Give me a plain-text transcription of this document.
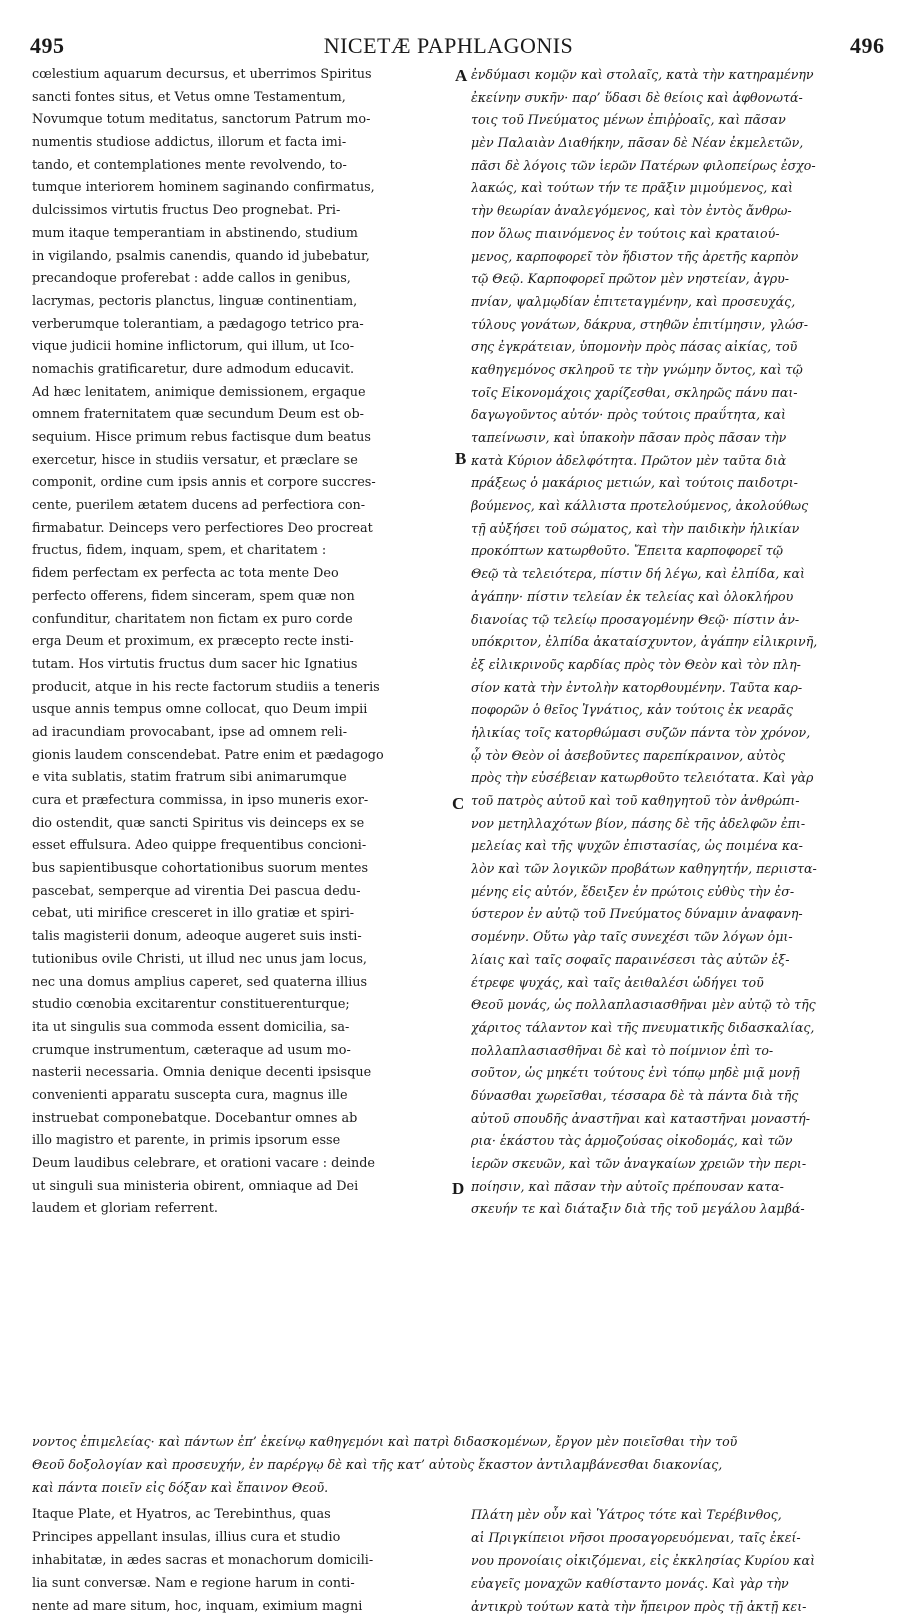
495	NICETÆ PAPHLAGONIS	496
A
B
C
D
cœlestium aquarum decursus, et uberrimos Spiritus
sancti fontes situs, et Vetus omne Testamentum,
Novumque totum meditatus, sanctorum Patrum mo-
numentis studiose addictus, illorum et facta imi-
tando, et contemplationes mente revolvendo, to-
tumque interiorem hominem saginando confirmatus,
dulcissimos virtutis fructus Deo prognebat. Pri-
mum itaque temperantiam in abstinendo, studium
in vigilando, psalmis canendis, quando id jubebatur,
precandoque proferebat : adde callos in genibus,
lacrymas, pectoris planctus, linguæ continentiam,
verberumque tolerantiam, a pædagogo tetrico pra-
vique judicii homine inflictorum, qui illum, ut Ico-
nomachis gratificaretur, dure admodum educavit.
Ad hæc lenitatem, animique demissionem, ergaque
omnem fraternitatem quæ secundum Deum est ob-
sequium. Hisce primum rebus factisque dum beatus
exercetur, hisce in studiis versatur, et præclare se
componit, ordine cum ipsis annis et corpore succres-
cente, puerilem ætatem ducens ad perfectiora con-
firmabatur. Deinceps vero perfectiores Deo procreat
fructus, fidem, inquam, spem, et charitatem :
fidem perfectam ex perfecta ac tota mente Deo
perfecto offerens, fidem sinceram, spem quæ non
confunditur, charitatem non fictam ex puro corde
erga Deum et proximum, ex præcepto recte insti-
tutam. Hos virtutis fructus dum sacer hic Ignatius
producit, atque in his recte factorum studiis a teneris
usque annis tempus omne collocat, quo Deum impii
ad iracundiam provocabant, ipse ad omnem reli-
gionis laudem conscendebat. Patre enim et pædagogo
e vita sublatis, statim fratrum sibi animarumque
cura et præfectura commissa, in ipso muneris exor-
dio ostendit, quæ sancti Spiritus vis deinceps ex se
esset effulsura. Adeo quippe frequentibus concioni-
bus sapientibusque cohortationibus suorum mentes
pascebat, semperque ad virentia Dei pascua dedu-
cebat, uti mirifice cresceret in illo gratiæ et spiri-
talis magisterii donum, adeoque augeret suis insti-
tutionibus ovile Christi, ut illud nec unus jam locus,
nec una domus amplius caperet, sed quaterna illius
studio cœnobia excitarentur constituerenturque;
ita ut singulis sua commoda essent domicilia, sa-
crumque instrumentum, cæteraque ad usum mo-
nasterii necessaria. Omnia denique decenti ipsisque
convenienti apparatu suscepta cura, magnus ille
instruebat componebatque. Docebantur omnes ab
illo magistro et parente, in primis ipsorum esse
Deum laudibus celebrare, et orationi vacare : deinde
ut singuli sua ministeria obirent, omniaque ad Dei
laudem et gloriam referrent.
ἐνδύμασι κομῷν καὶ στολαῖς, κατὰ τὴν κατηραμένην
ἐκείνην συκῆν· παρ’ ὕδασι δὲ θείοις καὶ ἀφθονωτά-
τοις τοῦ Πνεύματος μένων ἐπιῤῥοαῖς, καὶ πᾶσαν
μὲν Παλαιὰν Διαθήκην, πᾶσαν δὲ Νέαν ἐκμελετῶν,
πᾶσι δὲ λόγοις τῶν ἱερῶν Πατέρων φιλοπείρως ἐσχο-
λακώς, καὶ τούτων τήν τε πρᾶξιν μιμούμενος, καὶ
τὴν θεωρίαν ἀναλεγόμενος, καὶ τὸν ἐντὸς ἄνθρω-
πον ὅλως πιαινόμενος ἐν τούτοις καὶ κραταιού-
μενος, καρποφορεῖ τὸν ἥδιστον τῆς ἀρετῆς καρπὸν
τῷ Θεῷ. Καρποφορεῖ πρῶτον μὲν νηστείαν, ἀγρυ-
πνίαν, ψαλμῳδίαν ἐπιτεταγμένην, καὶ προσευχάς,
τύλους γονάτων, δάκρυα, στηθῶν ἐπιτίμησιν, γλώσ-
σης ἐγκράτειαν, ὑπομονὴν πρὸς πάσας αἰκίας, τοῦ
καθηγεμόνος σκληροῦ τε τὴν γνώμην ὄντος, καὶ τῷ
τοῖς Εἰκονομάχοις χαρίζεσθαι, σκληρῶς πάνυ παι-
δαγωγοῦντος αὐτόν· πρὸς τούτοις πραΰτητα, καὶ
ταπείνωσιν, καὶ ὑπακοὴν πᾶσαν πρὸς πᾶσαν τὴν
κατὰ Κύριον ἀδελφότητα. Πρῶτον μὲν ταῦτα διὰ
πράξεως ὁ μακάριος μετιών, καὶ τούτοις παιδοτρι-
βούμενος, καὶ κάλλιστα προτελούμενος, ἀκολούθως
τῇ αὐξήσει τοῦ σώματος, καὶ τὴν παιδικὴν ἡλικίαν
προκόπτων κατωρθοῦτο. Ἔπειτα καρποφορεῖ τῷ
Θεῷ τὰ τελειότερα, πίστιν δή λέγω, καὶ ἐλπίδα, καὶ
ἀγάπην· πίστιν τελείαν ἐκ τελείας καὶ ὁλοκλήρου
διανοίας τῷ τελείῳ προσαγομένην Θεῷ· πίστιν ἀν-
υπόκριτον, ἐλπίδα ἀκαταίσχυντον, ἀγάπην εἰλικρινῆ,
ἐξ εἰλικρινοῦς καρδίας πρὸς τὸν Θεὸν καὶ τὸν πλη-
σίον κατὰ τὴν ἐντολὴν κατορθουμένην. Ταῦτα καρ-
ποφορῶν ὁ θεῖος Ἰγνάτιος, κἀν τούτοις ἐκ νεαρᾶς
ἡλικίας τοῖς κατορθώμασι συζῶν πάντα τὸν χρόνον,
ᾧ τὸν Θεὸν οἱ ἀσεβοῦντες παρεπίκραινον, αὐτὸς
πρὸς τὴν εὐσέβειαν κατωρθοῦτο τελειότατα. Καὶ γὰρ
τοῦ πατρὸς αὐτοῦ καὶ τοῦ καθηγητοῦ τὸν ἀνθρώπι-
νον μετηλλαχότων βίον, πάσης δὲ τῆς ἀδελφῶν ἐπι-
μελείας καὶ τῆς ψυχῶν ἐπιστασίας, ὡς ποιμένα κα-
λὸν καὶ τῶν λογικῶν προβάτων καθηγητήν, περιιστα-
μένης εἰς αὐτόν, ἔδειξεν ἐν πρώτοις εὐθὺς τὴν ἐσ-
ύστερον ἐν αὐτῷ τοῦ Πνεύματος δύναμιν ἀναφανη-
σομένην. Οὕτω γὰρ ταῖς συνεχέσι τῶν λόγων ὁμι-
λίαις καὶ ταῖς σοφαῖς παραινέσεσι τὰς αὐτῶν ἐξ-
έτρεφε ψυχάς, καὶ ταῖς ἀειθαλέσι ὡδήγει τοῦ
Θεοῦ μονάς, ὡς πολλαπλασιασθῆναι μὲν αὐτῷ τὸ τῆς
χάριτος τάλαντον καὶ τῆς πνευματικῆς διδασκαλίας,
πολλαπλασιασθῆναι δὲ καὶ τὸ ποίμνιον ἐπὶ το-
σοῦτον, ὡς μηκέτι τούτους ἑνὶ τόπῳ μηδὲ μιᾷ μονῇ
δύνασθαι χωρεῖσθαι, τέσσαρα δὲ τὰ πάντα διὰ τῆς
αὐτοῦ σπουδῆς ἀναστῆναι καὶ καταστῆναι μοναστή-
ρια· ἑκάστου τὰς ἁρμοζούσας οἰκοδομάς, καὶ τῶν
ἱερῶν σκευῶν, καὶ τῶν ἀναγκαίων χρειῶν τὴν περι-
ποίησιν, καὶ πᾶσαν τὴν αὐτοῖς πρέπουσαν κατα-
σκευήν τε καὶ διάταξιν διὰ τῆς τοῦ μεγάλου λαμβά-
νοντος ἐπιμελείας· καὶ πάντων ἐπ’ ἐκείνῳ καθηγεμόνι καὶ πατρὶ διδασκομένων, ἔργον μὲν ποιεῖσθαι τὴν τοῦ
Θεοῦ δοξολογίαν καὶ προσευχήν, ἐν παρέργῳ δὲ καὶ τῆς κατ’ αὐτοὺς ἕκαστον ἀντιλαμβάνεσθαι διακονίας,
καὶ πάντα ποιεῖν εἰς δόξαν καὶ ἔπαινον Θεοῦ.
Itaque Plate, et Hyatros, ac Terebinthus, quas
Principes appellant insulas, illius cura et studio
inhabitatæ, in ædes sacras et monachorum domicili-
lia sunt conversæ. Nam e regione harum in conti-
nente ad mare situm, hoc, inquam, eximium magni
Πλάτη μὲν οὖν καὶ Ὑάτρος τότε καὶ Τερέβινθος,
αἱ Πριγκίπειοι νῆσοι προσαγορευόμεναι, ταῖς ἐκεί-
νου προνοίαις οἰκιζόμεναι, εἰς ἐκκλησίας Κυρίου καὶ
εὐαγεῖς μοναχῶν καθίσταντο μονάς. Καὶ γὰρ τὴν
ἀντικρὺ τούτων κατὰ τὴν ἤπειρον πρὸς τῇ ἀκτῇ κει-
